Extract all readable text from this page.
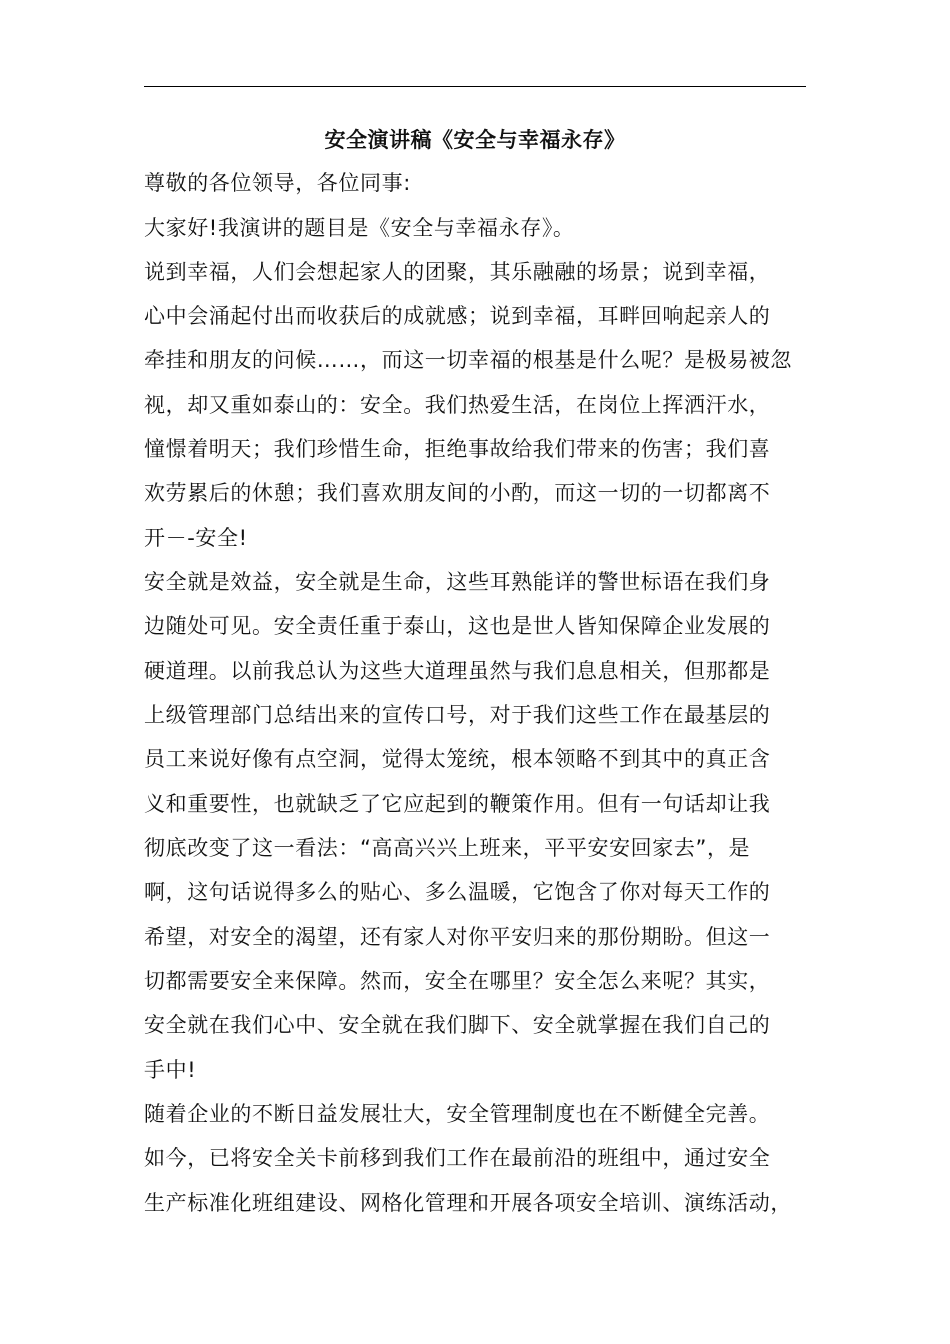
安全演讲稿《安全与幸福永存》
尊敬的各位领导，各位同事:
大家好!我演讲的题目是《安全与幸福永存》。
说到幸福，人们会想起家人的团聚，其乐融融的场景；说到幸福，
心中会涌起付出而收获后的成就感；说到幸福，耳畔回响起亲人的
牵挂和朋友的问候……，而这一切幸福的根基是什么呢？是极易被忽
视，却又重如泰山的：安全。我们热爱生活，在岗位上挥洒汗水，
憧憬着明天；我们珍惜生命，拒绝事故给我们带来的伤害；我们喜
欢劳累后的休憩；我们喜欢朋友间的小酌，而这一切的一切都离不
开－-安全!
安全就是效益，安全就是生命，这些耳熟能详的警世标语在我们身
边随处可见。安全责任重于泰山，这也是世人皆知保障企业发展的
硬道理。以前我总认为这些大道理虽然与我们息息相关，但那都是
上级管理部门总结出来的宣传口号，对于我们这些工作在最基层的
员工来说好像有点空洞，觉得太笼统，根本领略不到其中的真正含
义和重要性，也就缺乏了它应起到的鞭策作用。但有一句话却让我
彻底改变了这一看法：“高高兴兴上班来，平平安安回家去”，是
啊，这句话说得多么的贴心、多么温暖，它饱含了你对每天工作的
希望，对安全的渴望，还有家人对你平安归来的那份期盼。但这一
切都需要安全来保障。然而，安全在哪里？安全怎么来呢？其实，
安全就在我们心中、安全就在我们脚下、安全就掌握在我们自己的
手中!
随着企业的不断日益发展壮大，安全管理制度也在不断健全完善。
如今，已将安全关卡前移到我们工作在最前沿的班组中，通过安全
生产标准化班组建设、网格化管理和开展各项安全培训、演练活动，
